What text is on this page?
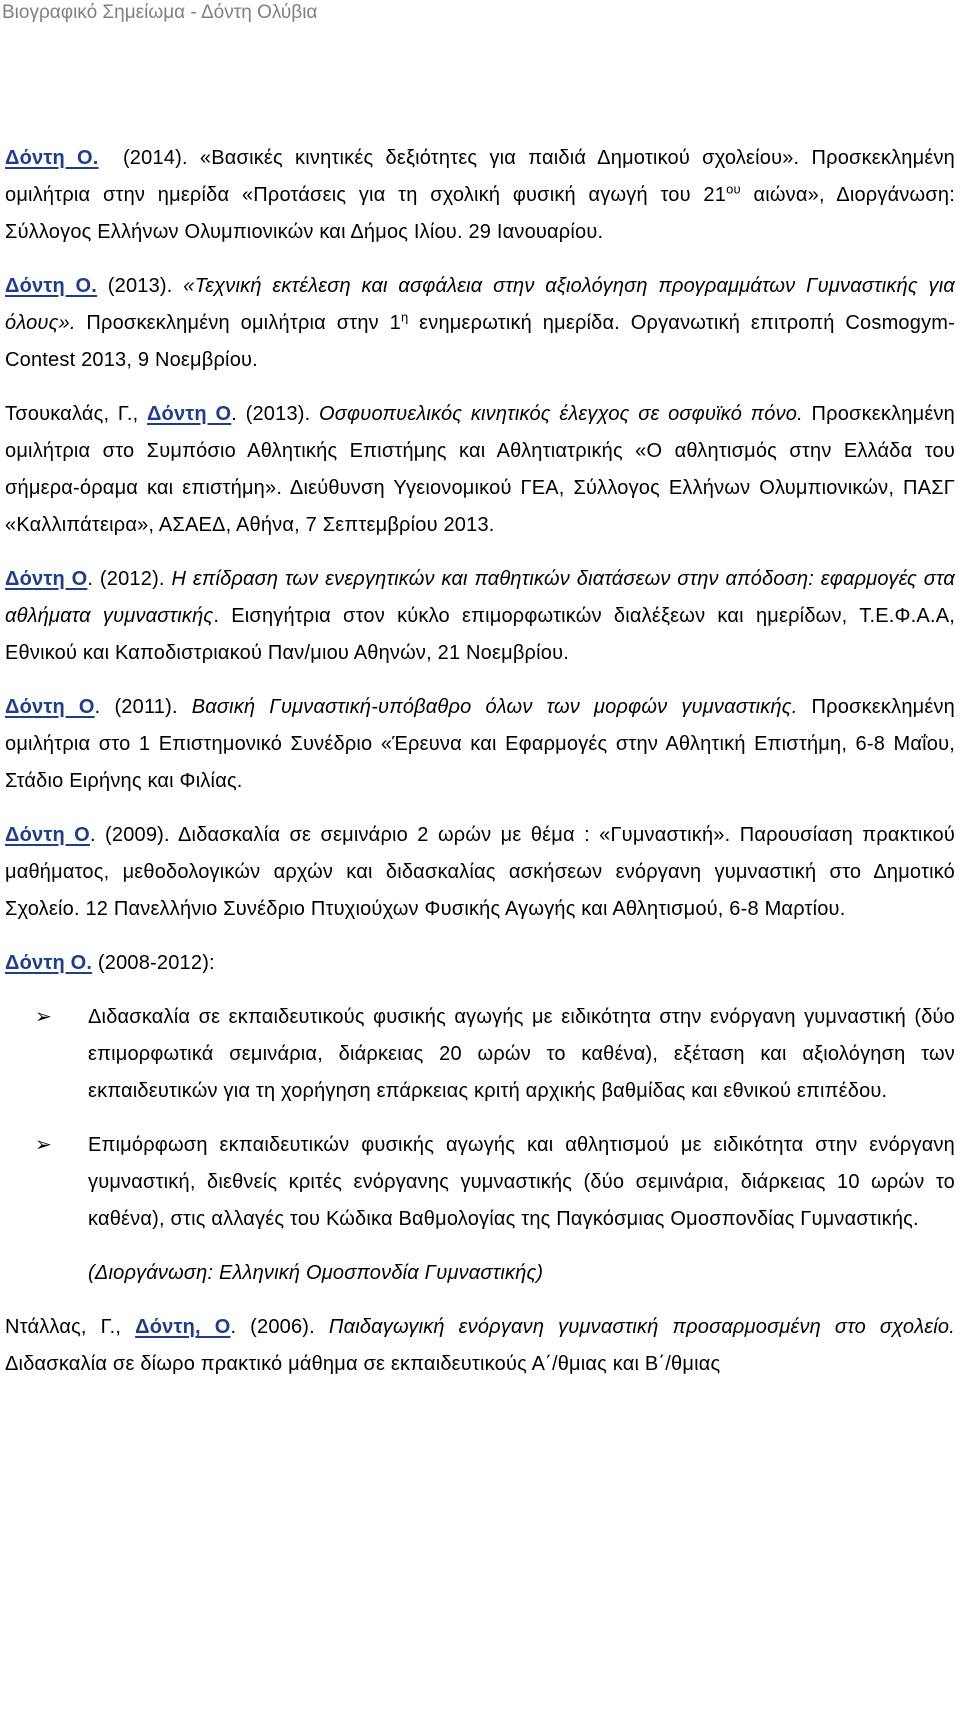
Βιογραφικό Σημείωμα - Δόντη Ολύβια

Δόντη Ο. (2014). «Βασικές κινητικές δεξιότητες για παιδιά Δημοτικού σχολείου». Προσκεκλημένη ομιλήτρια στην ημερίδα «Προτάσεις για τη σχολική φυσική αγωγή του $21^{o\upsilon}$ αιώνα», Διοργάνωση: Σύλλογος Ελλήνων Ολυμπιονικών και Δήμος Ιλίου. 29 Ιανουαρίου.

Δόντη Ο. (2013). «Τεχνική εκτέλεση και ασφάλεια στην αξιολόγηση προγραμμάτων Γυμναστικής για όλους». Προσκεκλημένη ομιλήτρια στην $1^\eta$ ενημερωτική ημερίδα. Οργανωτική επιτροπή Cosmogym-Contest 2013, 9 Νοεμβρίου.

Τσουκαλάς, Γ., Δόντη Ο. (2013). Οσφυοπυελικός κινητικός έλεγχος σε οσφυϊκό πόνο. Προσκεκλημένη ομιλήτρια στο Συμπόσιο Αθλητικής Επιστήμης και Αθλητιατρικής «Ο αθλητισμός στην Ελλάδα του σήμερα-όραμα και επιστήμη». Διεύθυνση Υγειονομικού ΓΕΑ, Σύλλογος Ελλήνων Ολυμπιονικών, ΠΑΣΓ «Καλλιπάτειρα», ΑΣΑΕΔ, Αθήνα, 7 Σεπτεμβρίου 2013.

Δόντη Ο. (2012). Η επίδραση των ενεργητικών και παθητικών διατάσεων στην απόδοση: εφαρμογές στα αθλήματα γυμναστικής. Εισηγήτρια στον κύκλο επιμορφωτικών διαλέξεων και ημερίδων, Τ.Ε.Φ.Α.Α, Εθνικού και Καποδιστριακού Παν/μιου Αθηνών, 21 Νοεμβρίου.

Δόντη Ο. (2011). Βασική Γυμναστική-υπόβαθρο όλων των μορφών γυμναστικής. Προσκεκλημένη ομιλήτρια στο 1 Επιστημονικό Συνέδριο «Έρευνα και Εφαρμογές στην Αθλητική Επιστήμη, 6-8 Μαΐου, Στάδιο Ειρήνης και Φιλίας.

Δόντη Ο. (2009). Διδασκαλία σε σεμινάριο 2 ωρών με θέμα : «Γυμναστική». Παρουσίαση πρακτικού μαθήματος, μεθοδολογικών αρχών και διδασκαλίας ασκήσεων ενόργανη γυμναστική στο Δημοτικό Σχολείο. 12 Πανελλήνιο Συνέδριο Πτυχιούχων Φυσικής Αγωγής και Αθλητισμού, 6-8 Μαρτίου.

Δόντη Ο. (2008-2012):

➢ Διδασκαλία σε εκπαιδευτικούς φυσικής αγωγής με ειδικότητα στην ενόργανη γυμναστική (δύο επιμορφωτικά σεμινάρια, διάρκειας 20 ωρών το καθένα), εξέταση και αξιολόγηση των εκπαιδευτικών για τη χορήγηση επάρκειας κριτή αρχικής βαθμίδας και εθνικού επιπέδου.
➢ Επιμόρφωση εκπαιδευτικών φυσικής αγωγής και αθλητισμού με ειδικότητα στην ενόργανη γυμναστική, διεθνείς κριτές ενόργανης γυμναστικής (δύο σεμινάρια, διάρκειας 10 ωρών το καθένα), στις αλλαγές του Κώδικα Βαθμολογίας της Παγκόσμιας Ομοσπονδίας Γυμναστικής.

(Διοργάνωση: Ελληνική Ομοσπονδία Γυμναστικής)

Ντάλλας, Γ., Δόντη, Ο. (2006). Παιδαγωγική ενόργανη γυμναστική προσαρμοσμένη στο σχολείο. Διδασκαλία σε δίωρο πρακτικό μάθημα σε εκπαιδευτικούς Α΄/θμιας και Β΄/θμιας
